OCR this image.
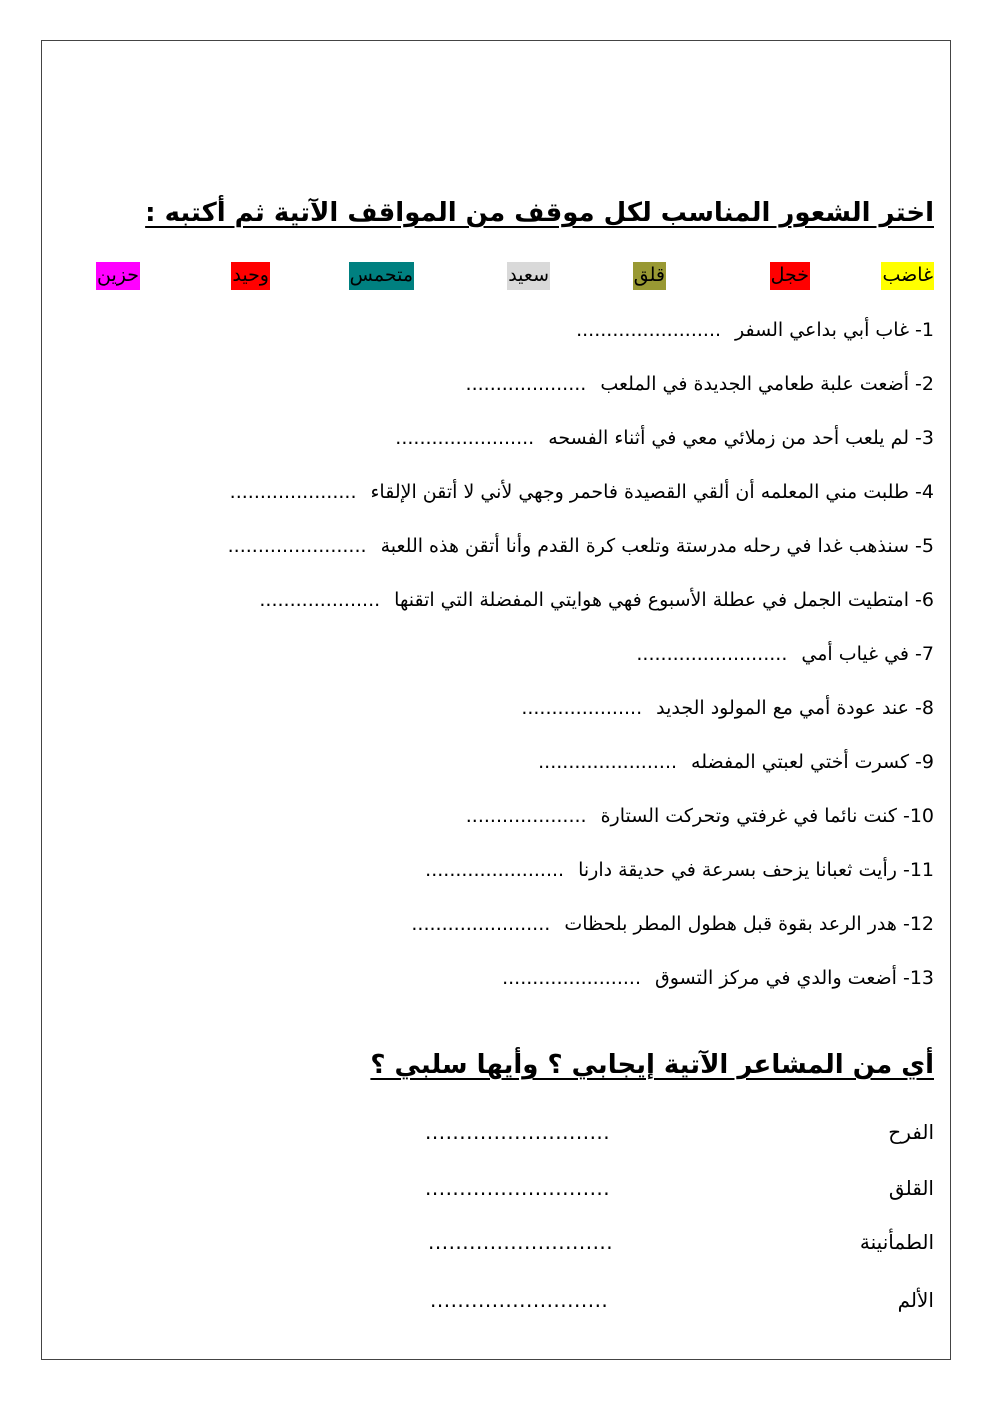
اختر الشعور المناسب لكل موقف من المواقف الآتية ثم أكتبه :
غاضب
خجل
قلق
سعيد
متحمس
وحيد
حزين
1- غاب أبي بداعي السفر........................
2- أضعت علبة طعامي الجديدة في الملعب....................
3- لم يلعب أحد من زملائي معي في أثناء الفسحه.......................
4- طلبت مني المعلمه أن ألقي القصيدة فاحمر وجهي لأني لا أتقن الإلقاء.....................
5- سنذهب غدا في رحله مدرستة وتلعب كرة القدم وأنا أتقن هذه اللعبة.......................
6- امتطيت الجمل في عطلة الأسبوع فهي هوايتي المفضلة التي اتقنها....................
7- في غياب أمي.........................
8- عند عودة أمي مع المولود الجديد....................
9- كسرت أختي لعبتي المفضله.......................
10- كنت نائما في غرفتي وتحركت الستارة....................
11- رأيت ثعبانا يزحف بسرعة في حديقة دارنا.......................
12- هدر الرعد بقوة قبل هطول المطر بلحظات.......................
13- أضعت والدي في مركز التسوق.......................
أي من المشاعر الآتية إيجابي ؟ وأيها سلبي ؟
الفرح
...........................
القلق
...........................
الطمأنينة
...........................
الألم
..........................
